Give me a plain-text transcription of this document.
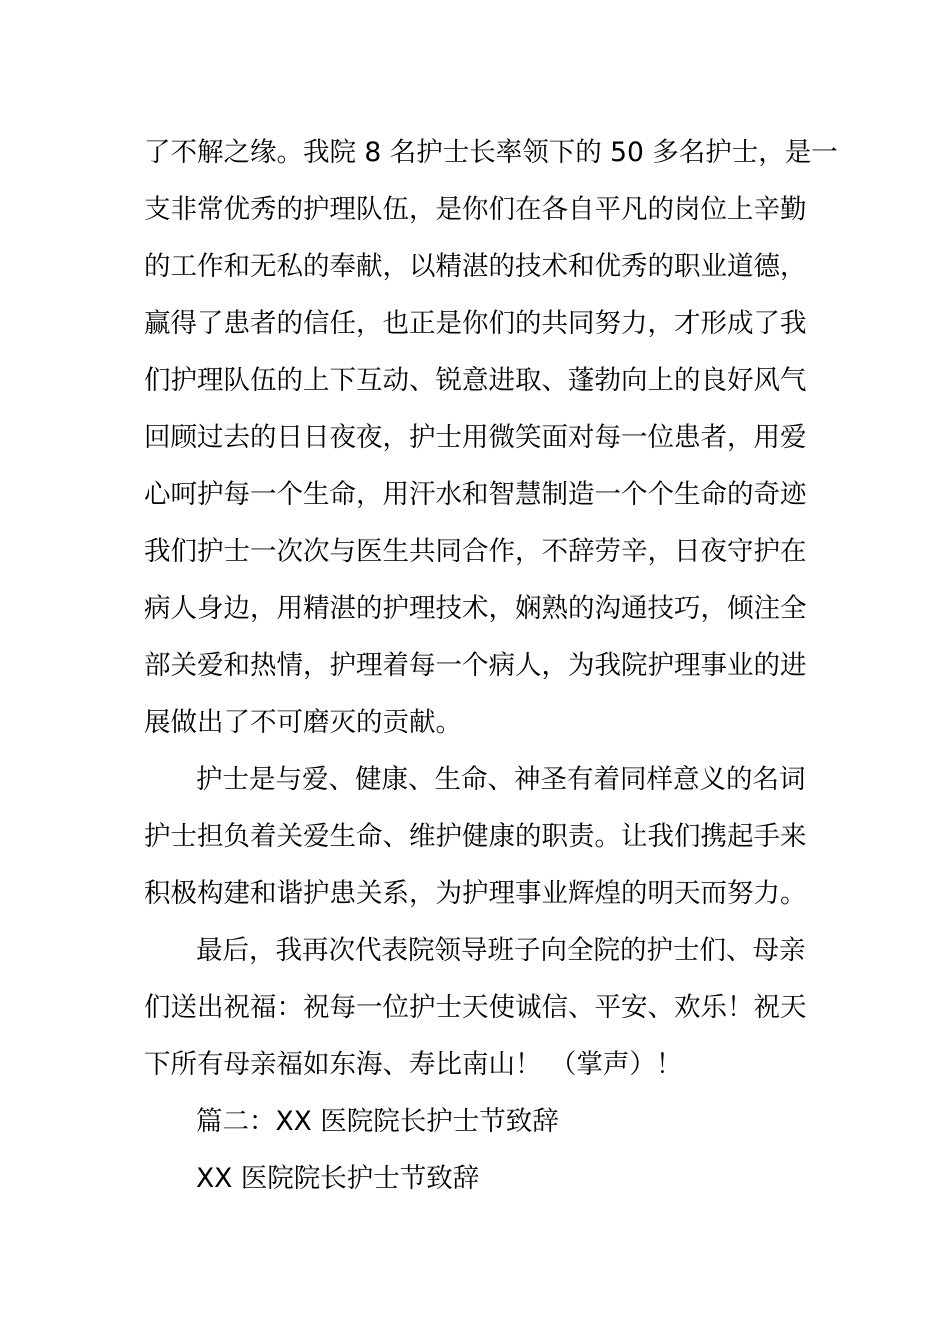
了不解之缘。我院 8 名护士长率领下的 50 多名护士，是一
支非常优秀的护理队伍，是你们在各自平凡的岗位上辛勤
的工作和无私的奉献，以精湛的技术和优秀的职业道德，
赢得了患者的信任，也正是你们的共同努力，才形成了我
们护理队伍的上下互动、锐意进取、蓬勃向上的良好风气
回顾过去的日日夜夜，护士用微笑面对每一位患者，用爱
心呵护每一个生命，用汗水和智慧制造一个个生命的奇迹
我们护士一次次与医生共同合作，不辞劳辛，日夜守护在
病人身边，用精湛的护理技术，娴熟的沟通技巧，倾注全
部关爱和热情，护理着每一个病人，为我院护理事业的进
展做出了不可磨灭的贡献。
护士是与爱、健康、生命、神圣有着同样意义的名词
护士担负着关爱生命、维护健康的职责。让我们携起手来
积极构建和谐护患关系，为护理事业辉煌的明天而努力。
最后，我再次代表院领导班子向全院的护士们、母亲
们送出祝福：祝每一位护士天使诚信、平安、欢乐！祝天
下所有母亲福如东海、寿比南山！ （掌声）！
篇二：XX 医院院长护士节致辞
XX 医院院长护士节致辞
